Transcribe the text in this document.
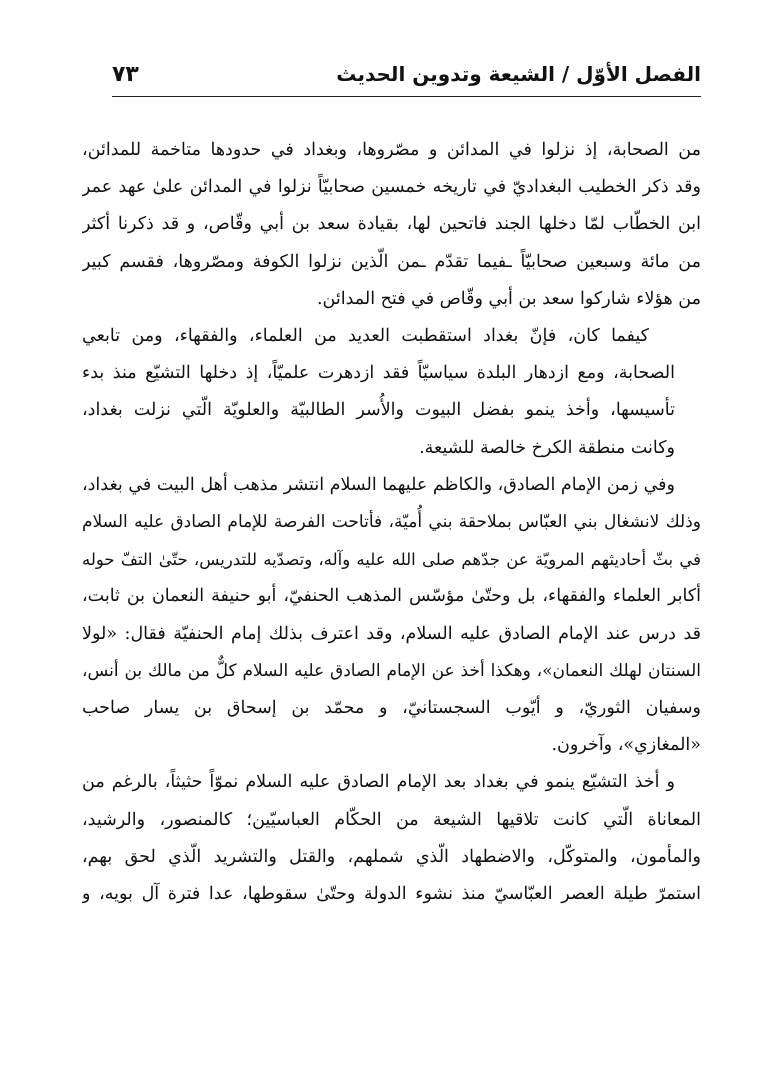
الفصل الأوّل / الشيعة وتدوين الحديث
٧٣

من الصحابة، إذ نزلوا في المدائن و مصّروها، وبغداد في حدودها متاخمة للمدائن،
وقد ذكر الخطيب البغداديّ في تاريخه خمسين صحابيّاً نزلوا في المدائن علىٰ عهد عمر
ابن الخطّاب لمّا دخلها الجند فاتحين لها، بقيادة سعد بن أبي وقّاص، و قد ذكرنا أكثر
من مائة وسبعين صحابيّاً ـفيما تقدّم ـمن الّذين نزلوا الكوفة ومصّروها، فقسم كبير
من هؤلاء شاركوا سعد بن أبي وقّاص في فتح المدائن.

كيفما كان، فإنّ بغداد استقطبت العديد من العلماء، والفقهاء، ومن تابعي
الصحابة، ومع ازدهار البلدة سياسيّاً فقد ازدهرت علميّاً، إذ دخلها التشيّع منذ بدء
تأسيسها، وأخذ ينمو بفضل البيوت والأُسر الطالبيّة والعلويّة الّتي نزلت بغداد،
وكانت منطقة الكرخ خالصة للشيعة.

وفي زمن الإمام الصادق، والكاظم عليهما السلام انتشر مذهب أهل البيت في بغداد،
وذلك لانشغال بني العبّاس بملاحقة بني أُميّة، فأتاحت الفرصة للإمام الصادق عليه السلام
في بثّ أحاديثهم المرويّة عن جدّهم صلى الله عليه وآله، وتصدّيه للتدريس، حتّىٰ التفّ حوله
أكابر العلماء والفقهاء، بل وحتّىٰ مؤسّس المذهب الحنفيّ، أبو حنيفة النعمان بن ثابت،
قد درس عند الإمام الصادق عليه السلام، وقد اعترف بذلك إمام الحنفيّة فقال: «لولا
السنتان لهلك النعمان»، وهكذا أخذ عن الإمام الصادق عليه السلام كلٌّ من مالك بن أنس،
وسفيان الثوريّ، و أيّوب السجستانيّ، و محمّد بن إسحاق بن يسار صاحب
«المغازي»، وآخرون.

و أخذ التشيّع ينمو في بغداد بعد الإمام الصادق عليه السلام نموّاً حثيثاً، بالرغم من
المعاناة الّتي كانت تلاقيها الشيعة من الحكّام العباسيّين؛ كالمنصور، والرشيد،
والمأمون، والمتوكّل، والاضطهاد الّذي شملهم، والقتل والتشريد الّذي لحق بهم،
استمرّ طيلة العصر العبّاسيّ منذ نشوء الدولة وحتّىٰ سقوطها، عدا فترة آل بويه، و
